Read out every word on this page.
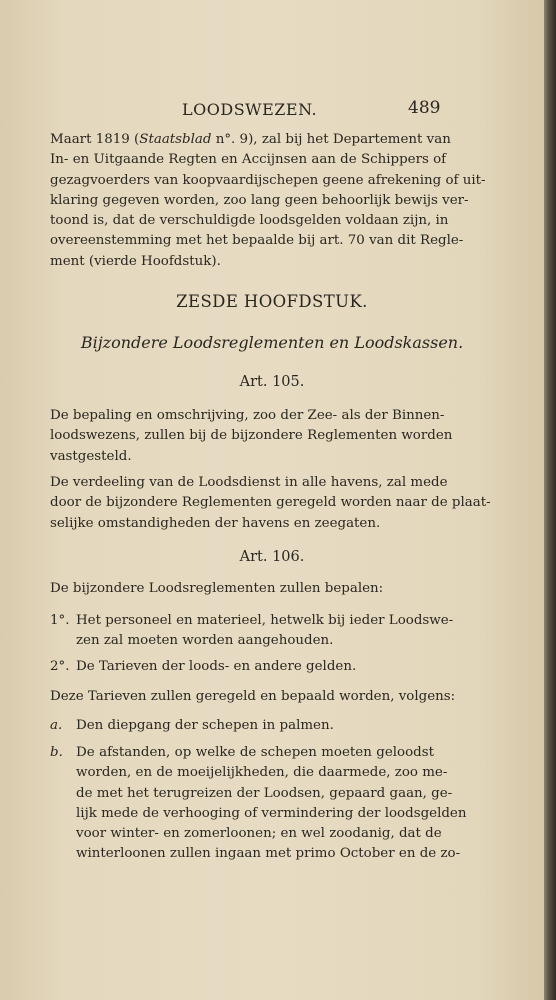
LOODSWEZEN.	489
Maart 1819 (Staatsblad n°. 9), zal bij het Departement van
In- en Uitgaande Regten en Accijnsen aan de Schippers of
gezagvoerders van koopvaardijschepen geene afrekening of uit-
klaring gegeven worden, zoo lang geen behoorlijk bewijs ver-
toond is, dat de verschuldigde loodsgelden voldaan zijn, in
overeenstemming met het bepaalde bij art. 70 van dit Regle-
ment (vierde Hoofdstuk).
ZESDE HOOFDSTUK.
Bijzondere Loodsreglementen en Loodskassen.
Art. 105.
De bepaling en omschrijving, zoo der Zee- als der Binnen-
loodswezens, zullen bij de bijzondere Reglementen worden
vastgesteld.
De verdeeling van de Loodsdienst in alle havens, zal mede
door de bijzondere Reglementen geregeld worden naar de plaat-
selijke omstandigheden der havens en zeegaten.
Art. 106.
De bijzondere Loodsreglementen zullen bepalen:
1°. Het personeel en materieel, hetwelk bij ieder Loodswe-
zen zal moeten worden aangehouden.
2°. De Tarieven der loods- en andere gelden.
Deze Tarieven zullen geregeld en bepaald worden, volgens:
a. Den diepgang der schepen in palmen.
b. De afstanden, op welke de schepen moeten geloodst
worden, en de moeijelijkheden, die daarmede, zoo me-
de met het terugreizen der Loodsen, gepaard gaan, ge-
lijk mede de verhooging of vermindering der loodsgelden
voor winter- en zomerloonen; en wel zoodanig, dat de
winterloonen zullen ingaan met primo October en de zo-
